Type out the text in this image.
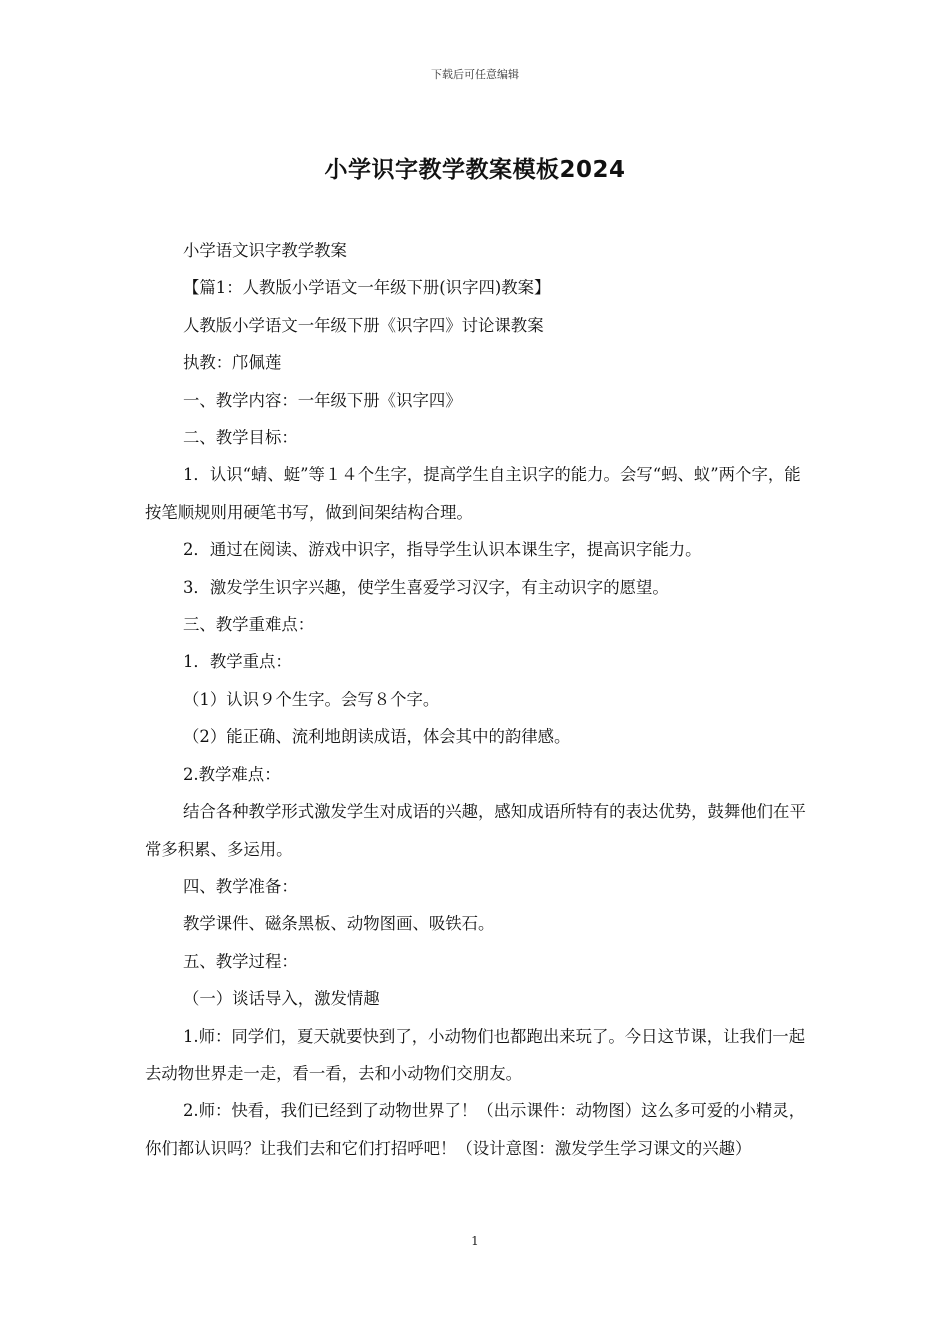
下载后可任意编辑
小学识字教学教案模板2024

小学语文识字教学教案

【篇1：人教版小学语文一年级下册(识字四)教案】

人教版小学语文一年级下册《识字四》讨论课教案

执教：邝佩莲

一、教学内容：一年级下册《识字四》

二、教学目标：

1．认识“蜻、蜓”等１４个生字，提高学生自主识字的能力。会写“蚂、蚁”两个字，能按笔顺规则用硬笔书写，做到间架结构合理。

2．通过在阅读、游戏中识字，指导学生认识本课生字，提高识字能力。

3．激发学生识字兴趣，使学生喜爱学习汉字，有主动识字的愿望。

三、教学重难点：

1．教学重点：

（1）认识９个生字。会写８个字。

（2）能正确、流利地朗读成语，体会其中的韵律感。

2.教学难点：

结合各种教学形式激发学生对成语的兴趣，感知成语所特有的表达优势，鼓舞他们在平常多积累、多运用。

四、教学准备：

教学课件、磁条黑板、动物图画、吸铁石。

五、教学过程：

（一）谈话导入，激发情趣

1.师：同学们，夏天就要快到了，小动物们也都跑出来玩了。今日这节课，让我们一起去动物世界走一走，看一看，去和小动物们交朋友。

2.师：快看，我们已经到了动物世界了！（出示课件：动物图）这么多可爱的小精灵，你们都认识吗？让我们去和它们打招呼吧！（设计意图：激发学生学习课文的兴趣）

1
